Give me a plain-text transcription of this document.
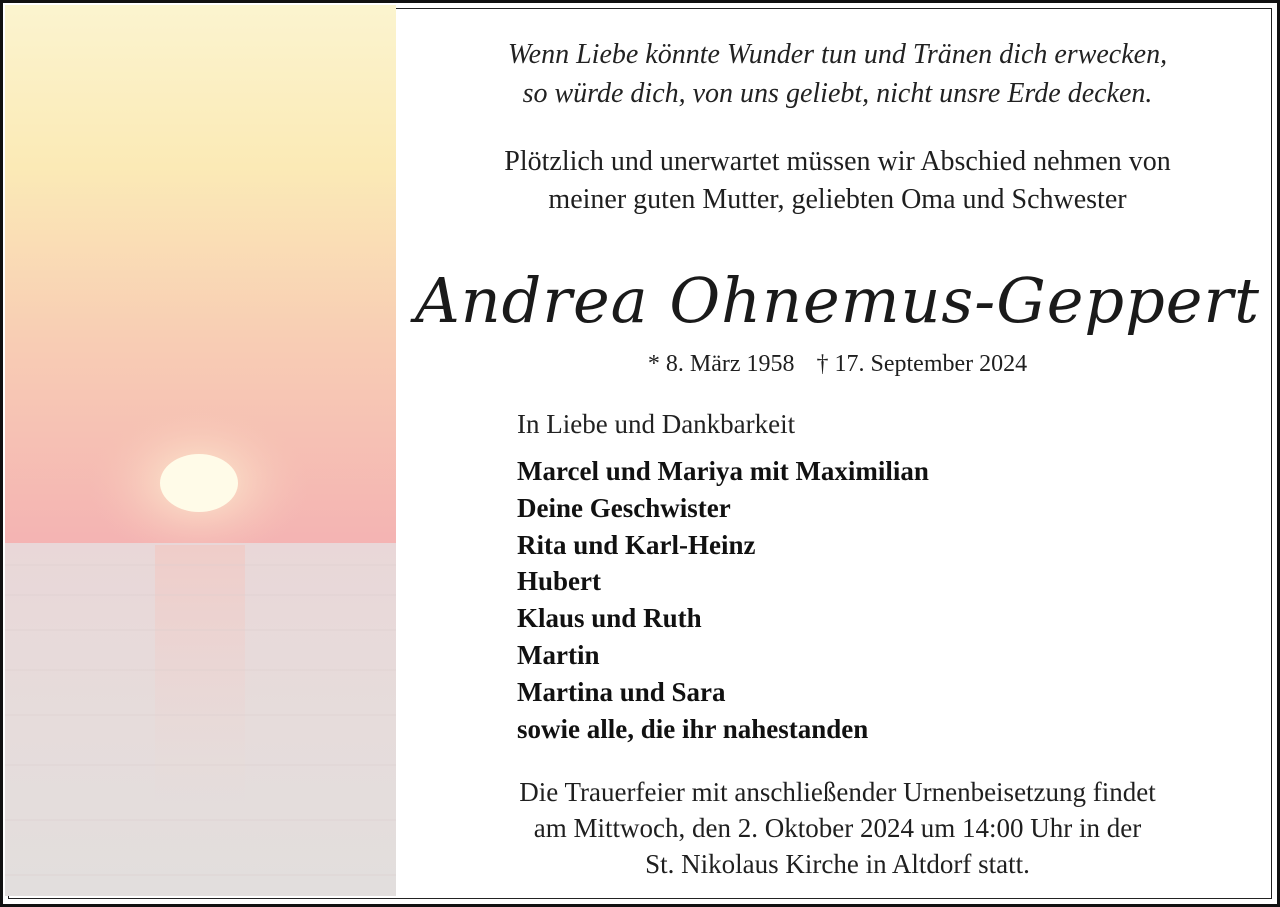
Wenn Liebe könnte Wunder tun und Tränen dich erwecken,
so würde dich, von uns geliebt, nicht unsre Erde decken.
Plötzlich und unerwartet müssen wir Abschied nehmen von
meiner guten Mutter, geliebten Oma und Schwester
Andrea Ohnemus-Geppert
* 8. März 1958 † 17. September 2024
In Liebe und Dankbarkeit
Marcel und Mariya mit Maximilian
Deine Geschwister
Rita und Karl-Heinz
Hubert
Klaus und Ruth
Martin
Martina und Sara
sowie alle, die ihr nahestanden
Die Trauerfeier mit anschließender Urnenbeisetzung findet
am Mittwoch, den 2. Oktober 2024 um 14:00 Uhr in der
St. Nikolaus Kirche in Altdorf statt.
